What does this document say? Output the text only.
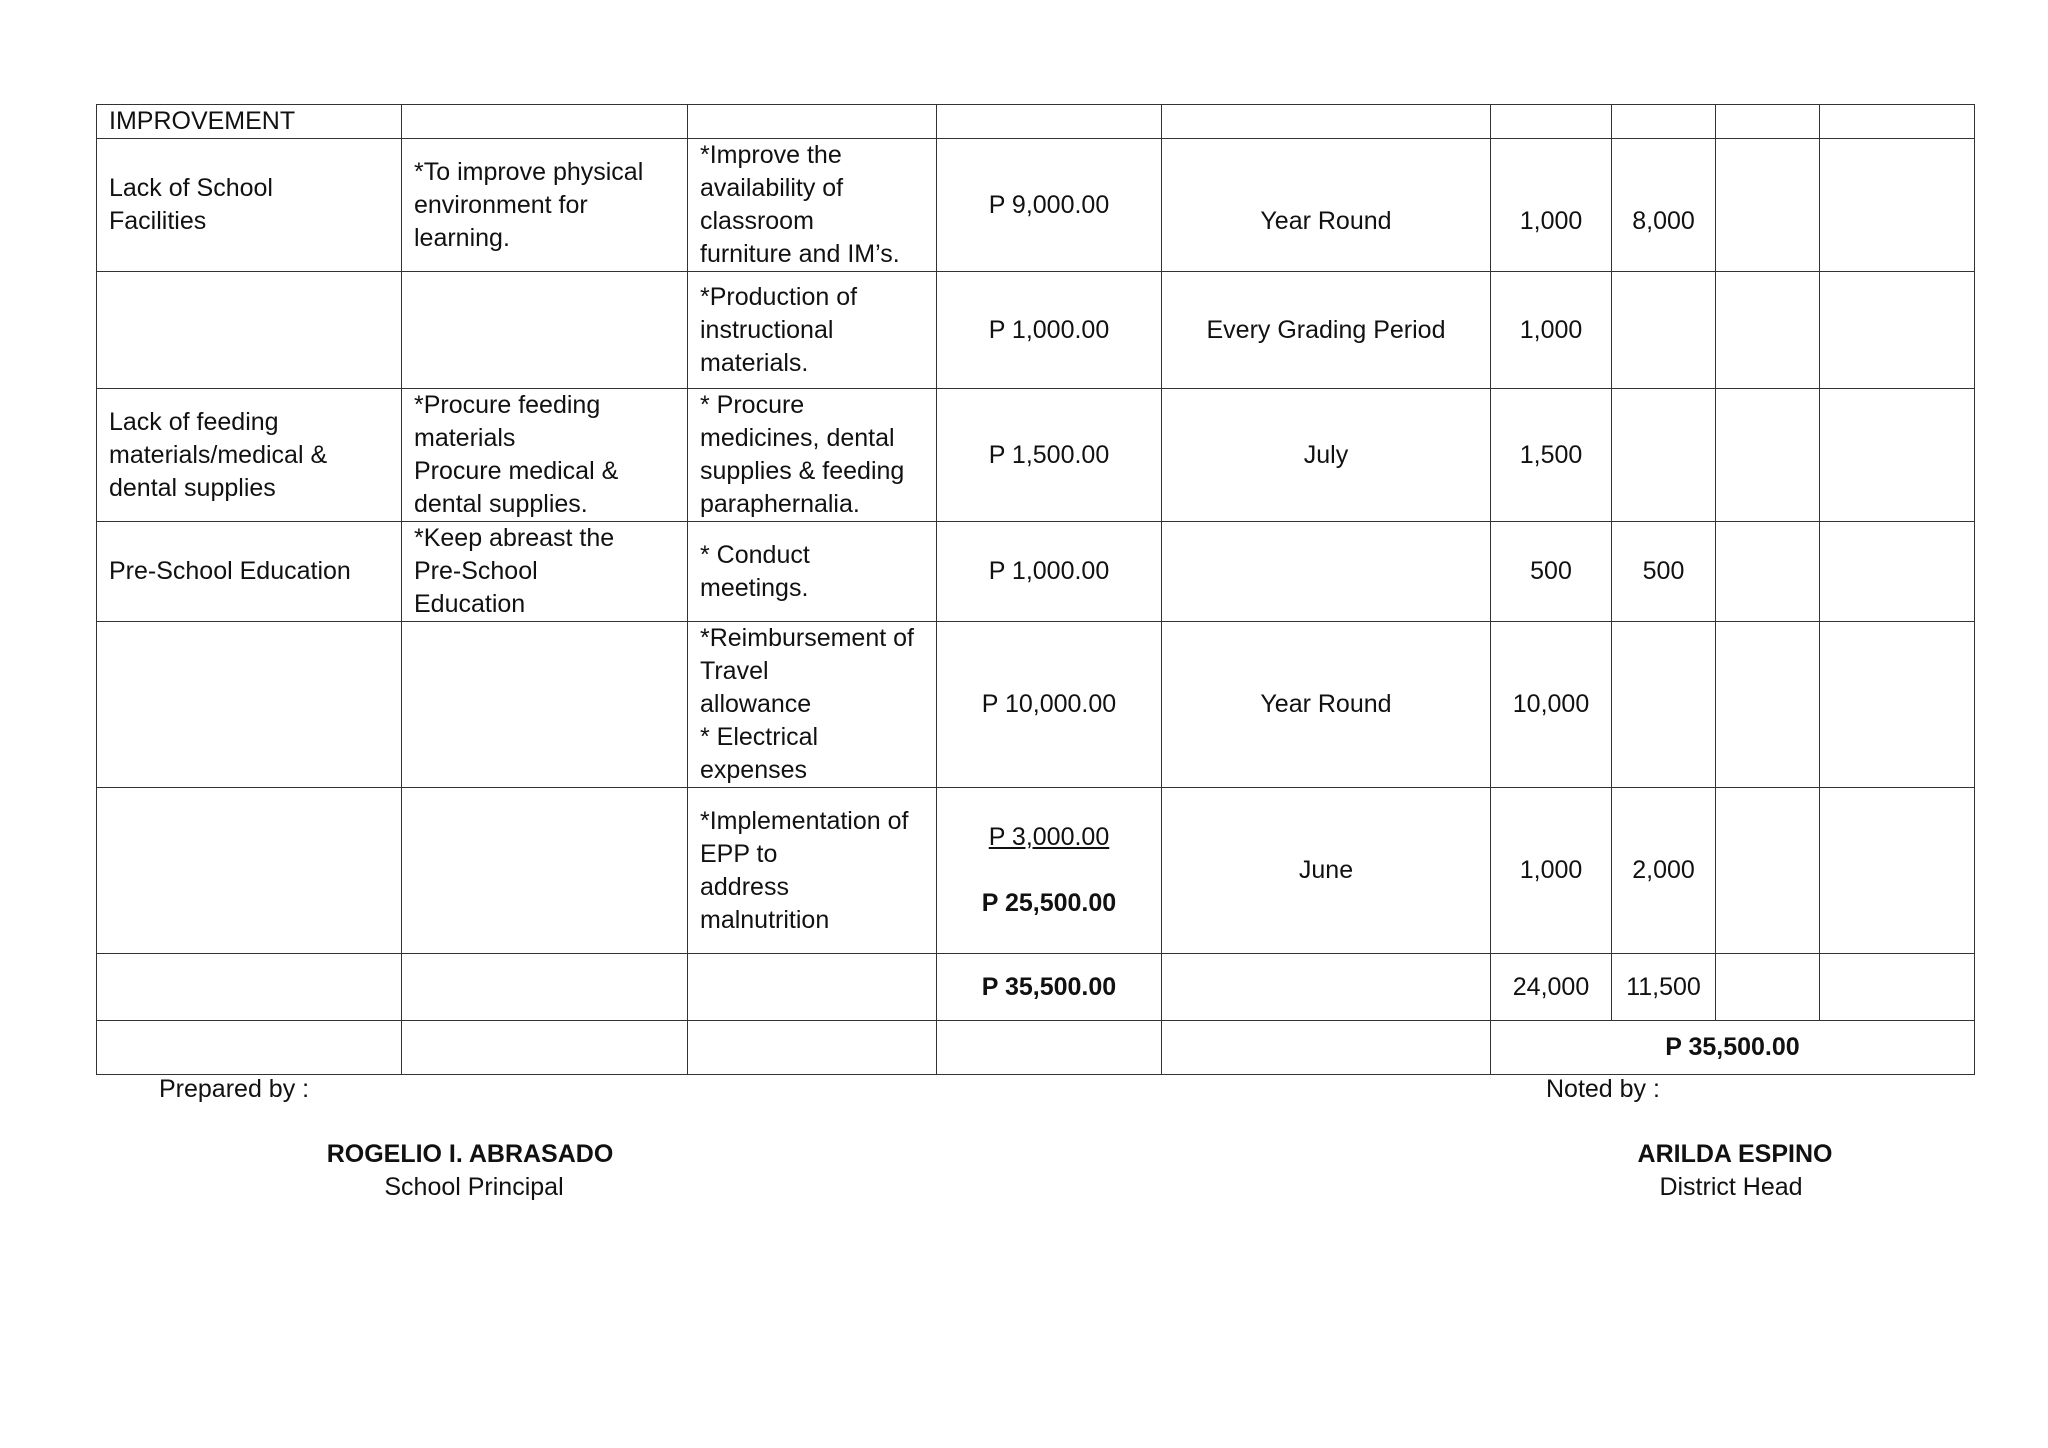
IMPROVEMENT								
Lack of School
Facilities	*To improve physical
environment for
learning.	*Improve the
availability of
classroom
furniture and IM’s.	P 9,000.00	Year Round	1,000	8,000		
		*Production of
instructional
materials.	P 1,000.00	Every Grading Period	1,000			
Lack of feeding
materials/medical &
dental supplies	*Procure feeding
materials
Procure medical &
dental supplies.	* Procure
medicines, dental
supplies & feeding
paraphernalia.	P 1,500.00	July	1,500			
Pre-School Education	*Keep abreast the
Pre-School
Education	* Conduct
meetings.	P 1,000.00		500	500		
		*Reimbursement of
Travel
allowance
* Electrical
expenses	P 10,000.00	Year Round	10,000			
		*Implementation of
EPP to
address
malnutrition	P 3,000.00

P 25,500.00	June	1,000	2,000		
			P 35,500.00		24,000	11,500		
					P 35,500.00			
Prepared by :
ROGELIO I. ABRASADO
School Principal
Noted by :
ARILDA ESPINO
District Head
